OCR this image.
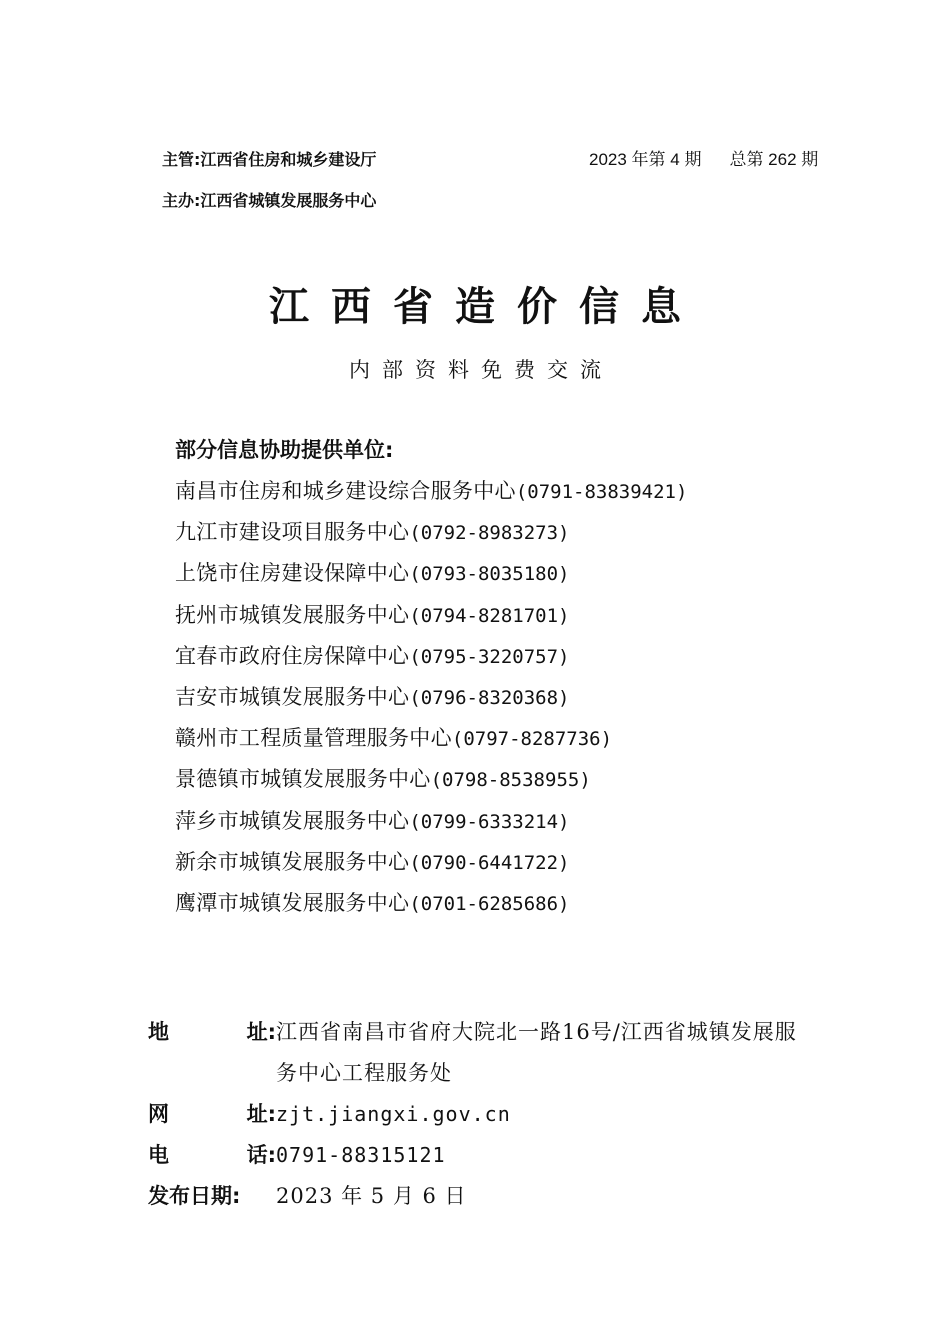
主管:江西省住房和城乡建设厅
主办:江西省城镇发展服务中心
2023 年第 4 期 总第 262 期
江西省造价信息
内部资料免费交流
部分信息协助提供单位:
南昌市住房和城乡建设综合服务中心(0791-83839421)
九江市建设项目服务中心(0792-8983273)
上饶市住房建设保障中心(0793-8035180)
抚州市城镇发展服务中心(0794-8281701)
宜春市政府住房保障中心(0795-3220757)
吉安市城镇发展服务中心(0796-8320368)
赣州市工程质量管理服务中心(0797-8287736)
景德镇市城镇发展服务中心(0798-8538955)
萍乡市城镇发展服务中心(0799-6333214)
新余市城镇发展服务中心(0790-6441722)
鹰潭市城镇发展服务中心(0701-6285686)
地	址: 江西省南昌市省府大院北一路16号/江西省城镇发展服务中心工程服务处
网	址: zjt.jiangxi.gov.cn
电	话: 0791-88315121
发布日期:	2023 年 5 月 6 日
